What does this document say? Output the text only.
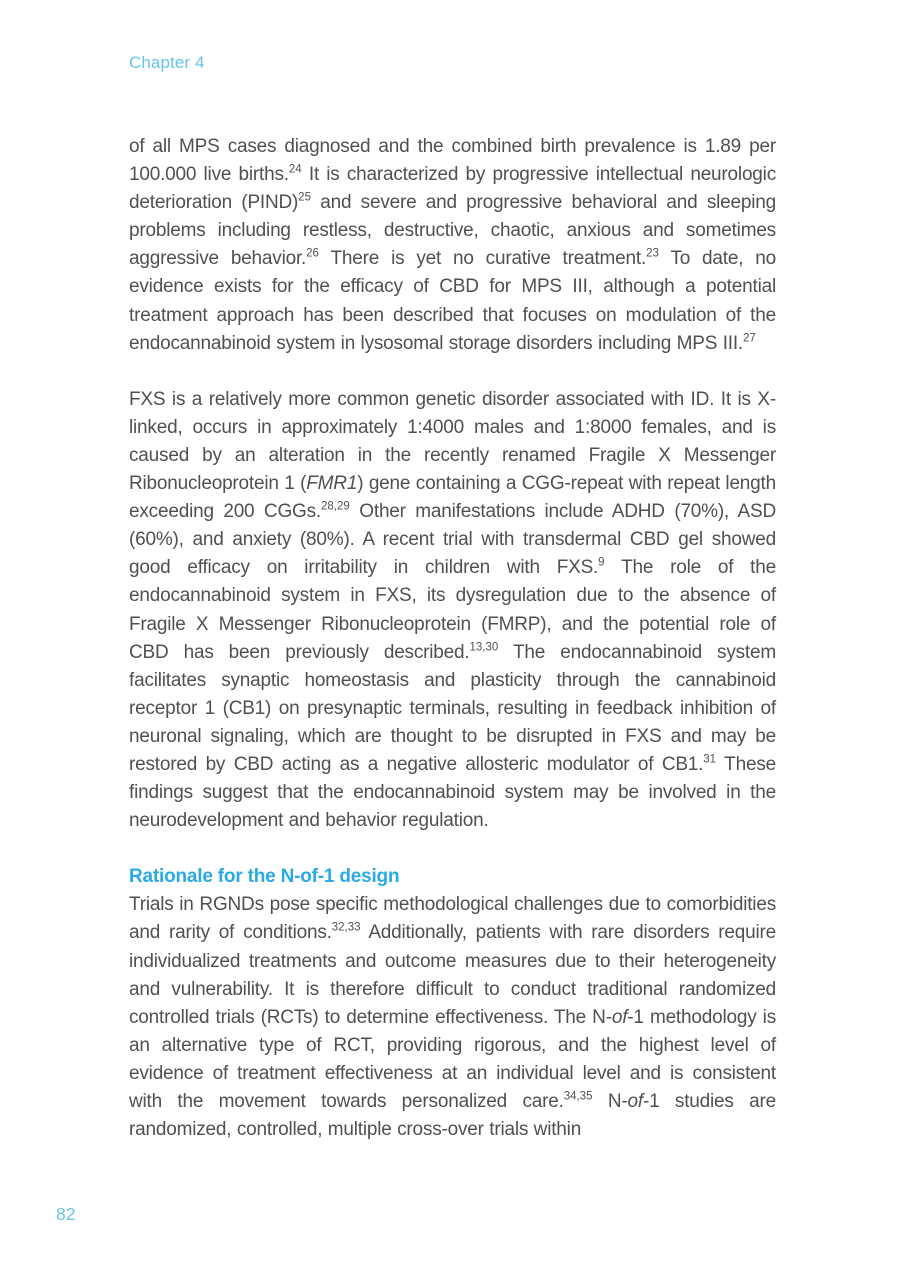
Chapter 4

of all MPS cases diagnosed and the combined birth prevalence is 1.89 per 100.000 live births.$^{24}$ It is characterized by progressive intellectual neurologic deterioration (PIND)$^{25}$ and severe and progressive behavioral and sleeping problems including restless, destructive, chaotic, anxious and sometimes aggressive behavior.$^{26}$ There is yet no curative treatment.$^{23}$ To date, no evidence exists for the efficacy of CBD for MPS III, although a potential treatment approach has been described that focuses on modulation of the endocannabinoid system in lysosomal storage disorders including MPS III.$^{27}$

FXS is a relatively more common genetic disorder associated with ID. It is X-linked, occurs in approximately 1:4000 males and 1:8000 females, and is caused by an alteration in the recently renamed Fragile X Messenger Ribonucleoprotein 1 (FMR1) gene containing a CGG-repeat with repeat length exceeding 200 CGGs.$^{28,29}$ Other manifestations include ADHD (70%), ASD (60%), and anxiety (80%). A recent trial with transdermal CBD gel showed good efficacy on irritability in children with FXS.$^9$ The role of the endocannabinoid system in FXS, its dysregulation due to the absence of Fragile X Messenger Ribonucleoprotein (FMRP), and the potential role of CBD has been previously described.$^{13,30}$ The endocannabinoid system facilitates synaptic homeostasis and plasticity through the cannabinoid receptor 1 (CB1) on presynaptic terminals, resulting in feedback inhibition of neuronal signaling, which are thought to be disrupted in FXS and may be restored by CBD acting as a negative allosteric modulator of CB1.31 These findings suggest that the endocannabinoid system may be involved in the neurodevelopment and behavior regulation.

Rationale for the N-of-1 design

Trials in RGNDs pose specific methodological challenges due to comorbidities and rarity of conditions.$^{32,33}$ Additionally, patients with rare disorders require individualized treatments and outcome measures due to their heterogeneity and vulnerability. It is therefore difficult to conduct traditional randomized controlled trials (RCTs) to determine effectiveness. The N-of-1 methodology is an alternative type of RCT, providing rigorous, and the highest level of evidence of treatment effectiveness at an individual level and is consistent with the movement towards personalized care.$^{34,35}$ N-of-1 studies are randomized, controlled, multiple cross-over trials within

82
